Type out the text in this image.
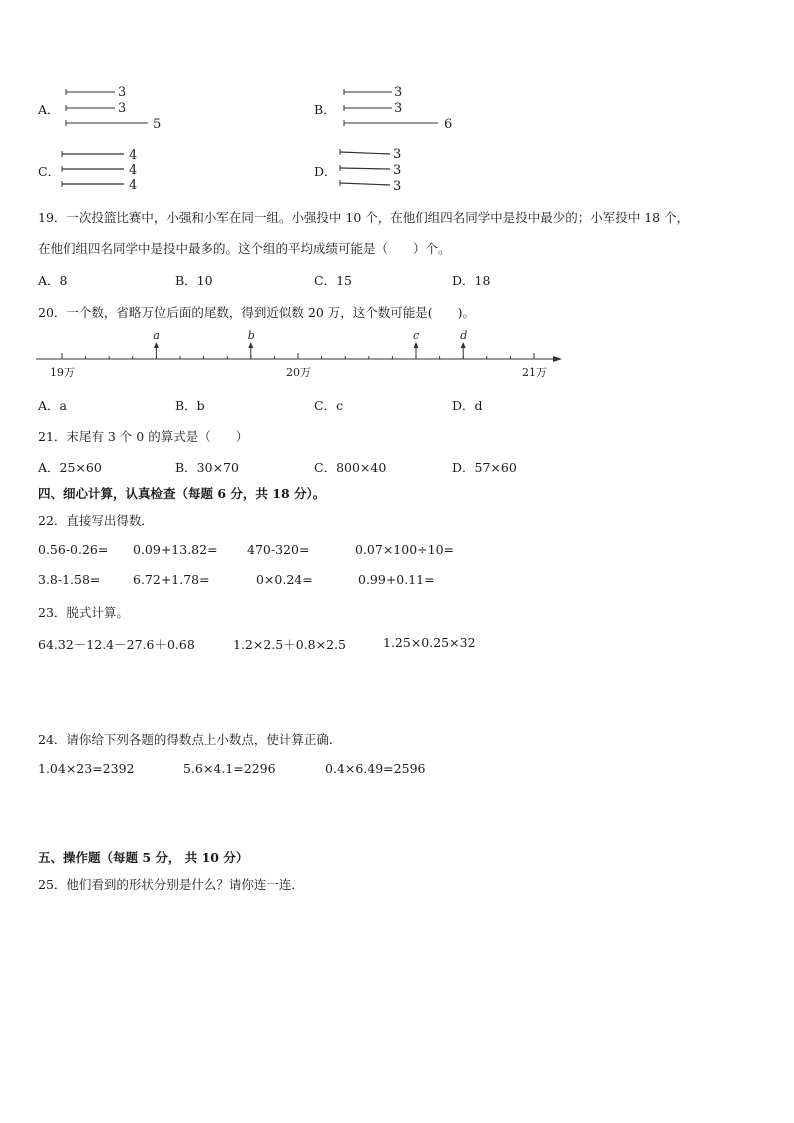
A．
3
3
5
B．
3
3
6
C．
4
4
4
D．
3
3
3
19．一次投篮比赛中，小强和小军在同一组。小强投中 10 个，在他们组四名同学中是投中最少的；小军投中 18 个，
在他们组四名同学中是投中最多的。这个组的平均成绩可能是（　　）个。
A．8	B．10	C．15	D．18
20．一个数，省略万位后面的尾数，得到近似数 20 万，这个数可能是(　　)。
19万	20万	21万
a	b	c	d
A．a	B．b	C．c	D．d
21．末尾有 3 个 0 的算式是（　　）
A．25×60	B．30×70	C．800×40	D．57×60
四、细心计算，认真检查（每题 6 分，共 18 分）。
22．直接写出得数．
0.56-0.26= 0.09+13.82= 470-320=	0.07×100÷10=
3.8-1.58=	6.72+1.78=	0×0.24=	0.99+0.11=
23．脱式计算。
64.32－12.4－27.6＋0.68	1.2×2.5＋0.8×2.5	1.25×0.25×32
24．请你给下列各题的得数点上小数点，使计算正确．
1.04×23=2392	5.6×4.1=2296	0.4×6.49=2596
五、操作题（每题 5 分， 共 10 分）
25．他们看到的形状分别是什么？请你连一连．
